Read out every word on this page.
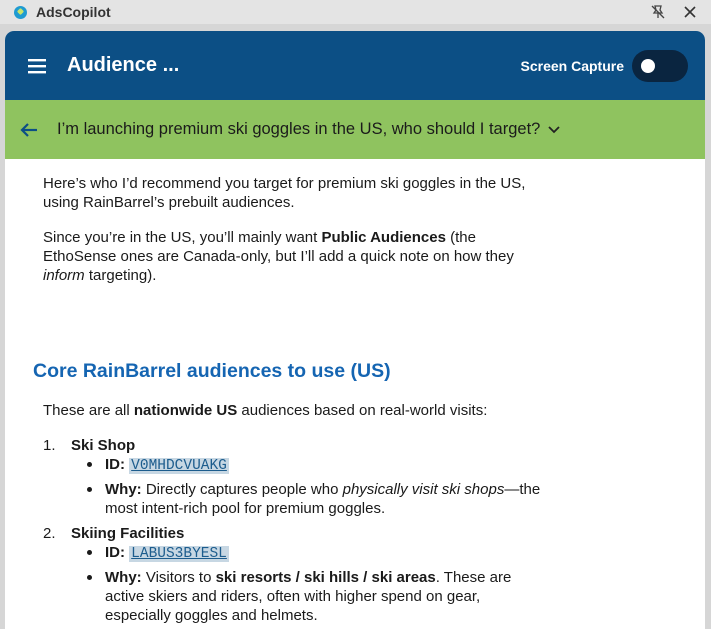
AdsCopilot
Audience ...	Screen Capture
I’m launching premium ski goggles in the US, who should I target?

Here’s who I’d recommend you target for premium ski goggles in the US, using RainBarrel’s prebuilt audiences.

Since you’re in the US, you’ll mainly want Public Audiences (the EthoSense ones are Canada-only, but I’ll add a quick note on how they inform targeting).

Core RainBarrel audiences to use (US)

These are all nationwide US audiences based on real-world visits:

1. Ski Shop
ID: V0MHDCVUAKG
Why: Directly captures people who physically visit ski shops—the most intent-rich pool for premium goggles.
2. Skiing Facilities
ID: LABUS3BYESL
Why: Visitors to ski resorts / ski hills / ski areas. These are active skiers and riders, often with higher spend on gear, especially goggles and helmets.
